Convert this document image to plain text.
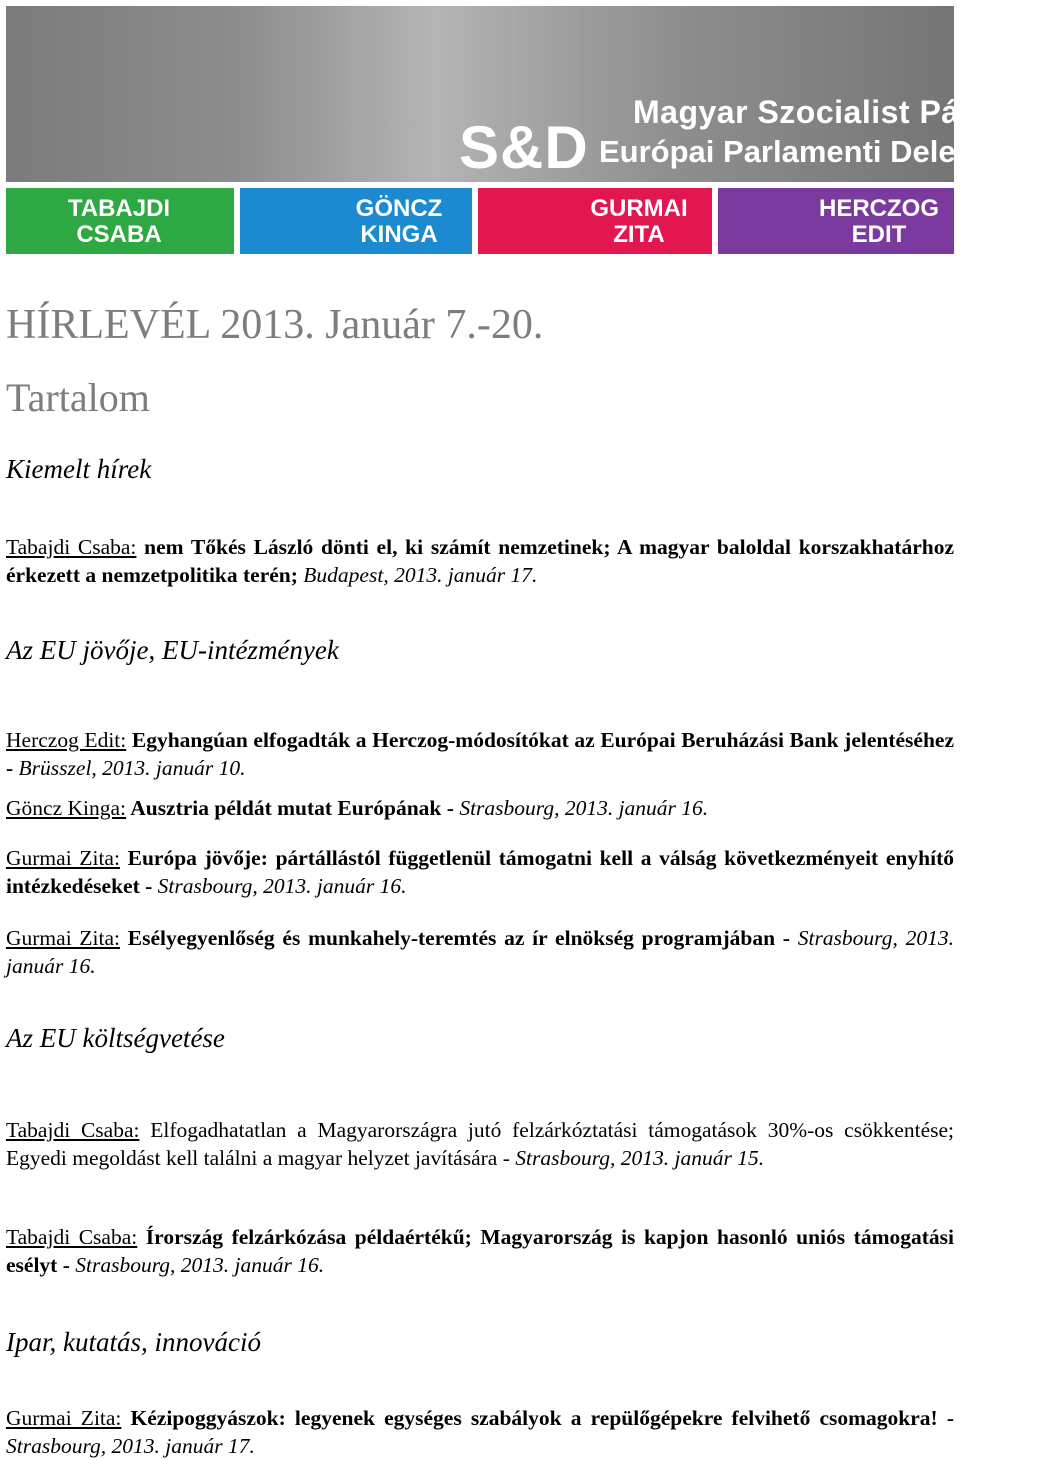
S&D
Magyar Szocialist Párt
Európai Parlamenti Delegáció
TABAJDI
CSABA
GÖNCZ
KINGA
GURMAI
ZITA
HERCZOG
EDIT
HÍRLEVÉL 2013. Január 7.-20.
Tartalom
Kiemelt hírek
Tabajdi Csaba: nem Tőkés László dönti el, ki számít nemzetinek; A magyar baloldal korszakhatárhoz érkezett a nemzetpolitika terén; Budapest, 2013. január 17.
Az EU jövője, EU-intézmények
Herczog Edit: Egyhangúan elfogadták a Herczog-módosítókat az Európai Beruházási Bank jelentéséhez - Brüsszel, 2013. január 10.
Göncz Kinga: Ausztria példát mutat Európának - Strasbourg, 2013. január 16.
Gurmai Zita: Európa jövője: pártállástól függetlenül támogatni kell a válság következményeit enyhítő intézkedéseket - Strasbourg, 2013. január 16.
Gurmai Zita: Esélyegyenlőség és munkahely-teremtés az ír elnökség programjában - Strasbourg, 2013. január 16.
Az EU költségvetése
Tabajdi Csaba: Elfogadhatatlan a Magyarországra jutó felzárkóztatási támogatások 30%-os csökkentése; Egyedi megoldást kell találni a magyar helyzet javítására - Strasbourg, 2013. január 15.
Tabajdi Csaba: Írország felzárkózása példaértékű; Magyarország is kapjon hasonló uniós támogatási esélyt - Strasbourg, 2013. január 16.
Ipar, kutatás, innováció
Gurmai Zita: Kézipoggyászok: legyenek egységes szabályok a repülőgépekre felvihető csomagokra! - Strasbourg, 2013. január 17.
